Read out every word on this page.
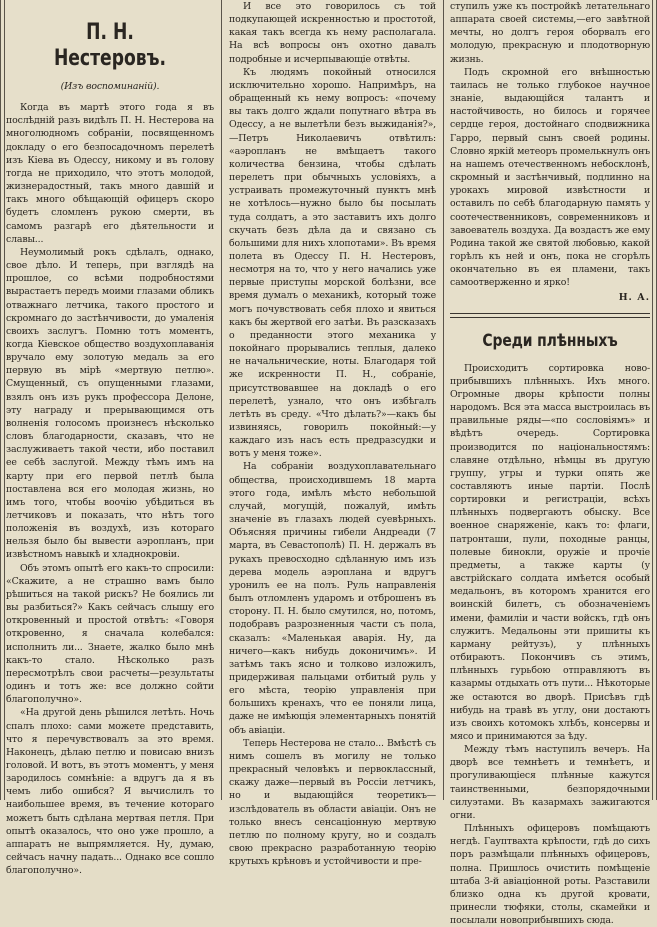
П. Н. Нестеровъ.
(Изъ воспоминаній).

Когда въ мартѣ этого года я въ послѣдній разъ видѣлъ П. Н. Нестерова на многолюдномъ собраніи, посвященномъ докладу о его безпосадочномъ перелетѣ изъ Кіева въ Одессу, никому и въ голову тогда не приходило, что этотъ молодой, жизнерадостный, такъ много давшій и такъ много обѣщающій офицеръ скоро будетъ сломленъ рукою смерти, въ самомъ разгарѣ его дѣятельности и славы...

Неумолимый рокъ сдѣлалъ, однако, свое дѣло. И теперь, при взглядѣ на прошлое, со всѣми подробностями вырастаетъ передъ моими глазами обликъ отважнаго летчика, такого простого и скромнаго до застѣнчивости, до умаленія своихъ заслугъ. Помню тотъ моментъ, когда Кіевское общество воздухоплаванія вручало ему золотую медаль за его первую въ мірѣ «мертвую петлю». Смущенный, съ опущенными глазами, взялъ онъ изъ рукъ профессора Делоне, эту награду и прерывающимся отъ волненія голосомъ произнесъ нѣсколько словъ благодарности, сказавъ, что не заслуживаетъ такой чести, ибо поставил ее себѣ заслугой. Между тѣмъ имъ на карту при его первой петлѣ была поставлена вся его молодая жизнь, но имъ того, чтобы воочію убѣдиться въ летчиковъ и показать, что нѣтъ того положенія въ воздухѣ, изъ котораго нельзя было бы вывести аэропланъ, при извѣстномъ навыкѣ и хладнокровіи.

Объ этомъ опытѣ его какъ-то спросили: «Скажите, а не страшно вамъ было рѣшиться на такой рискъ? Не боялись ли вы разбиться?» Какъ сейчасъ слышу его откровенный и простой отвѣтъ: «Говоря откровенно, я сначала колебался: исполнить ли... Знаете, жалко было мнѣ какъ-то стало. Нѣсколько разъ пересмотрѣлъ свои расчеты—результаты одинъ и тотъ же: все должно сойти благополучно».

«На другой день рѣшился летѣть. Ночь спалъ плохо: сами можете представить, что я перечувствовалъ за это время. Наконецъ, дѣлаю петлю и повисаю внизъ головой. И вотъ, въ этотъ моментъ, у меня зародилось сомнѣніе: а вдругъ да я въ чемъ либо ошибся? Я вычислилъ то наибольшее время, въ течение котораго можетъ быть сдѣлана мертвая петля. При опытѣ оказалось, что оно уже прошло, а аппаратъ не выпрямляется. Ну, думаю, сейчасъ начну падать... Однако все сошло благополучно».

И все это говорилось съ той подкупающей искренностью и простотой, какая такъ всегда къ нему располагала. На всѣ вопросы онъ охотно давалъ подробные и исчерпывающіе отвѣты.

Къ людямъ покойный относился исключительно хорошо. Напримѣръ, на обращенный къ нему вопросъ: «почему вы такъ долго ждали попутнаго вѣтра въ Одессу, а не вылетѣли безъ выжиданія?»,—Петръ Николаевичъ отвѣтилъ: «аэропланъ не вмѣщаетъ такого количества бензина, чтобы сдѣлать перелетъ при обычныхъ условіяхъ, а устраивать промежуточный пунктъ мнѣ не хотѣлось—нужно было бы посылать туда солдатъ, а это заставитъ ихъ долго скучать безъ дѣла да и связано съ большими для нихъ хлопотами». Въ время полета въ Одессу П. Н. Нестеровъ, несмотря на то, что у него начались уже первые приступы морской болѣзни, все время думалъ о механикѣ, который тоже могъ почувствовать себя плохо и явиться какъ бы жертвой его затѣи. Въ разсказахъ о преданности этого механика у покойнаго прорывались теплыя, далеко не начальнические, ноты. Благодаря той же искренности П. Н., собраніе, присутствовавшее на докладѣ о его перелетѣ, узнало, что онъ избѣгалъ летѣть въ среду. «Что дѣлать?»—какъ бы извиняясь, говорилъ покойный:—у каждаго изъ насъ есть предразсудки и вотъ у меня тоже».

На собраніи воздухоплавательнаго общества, происходившемъ 18 марта этого года, имѣлъ мѣсто небольшой случай, могущій, пожалуй, имѣть значеніе въ глазахъ людей суевѣрныхъ. Объясняя причины гибели Андреади (7 марта, въ Севастополѣ) П. Н. держалъ въ рукахъ превосходно сдѣланную имъ изъ дерева модель аэроплана и вдругъ уронилъ ее на полъ. Руль направленія былъ отломленъ ударомъ и отброшенъ въ сторону. П. Н. было смутился, но, потомъ, подобравъ разрозненныя части съ пола, сказалъ: «Маленькая аварія. Ну, да ничего—какъ нибудь доконичимъ». И затѣмъ такъ ясно и толково изложилъ, придерживая пальцами отбитый руль у его мѣста, теорію управленія при большихъ кренахъ, что ее поняли лица, даже не имѣющія элементарныхъ понятій объ авіаціи.

Теперь Нестерова не стало... Вмѣстѣ съ нимъ сошелъ въ могилу не только прекрасный человѣкъ и первоклассный, скажу даже—первый въ Россіи летчикъ, но и выдающійся теоретикъ—изслѣдователь въ области авіаціи. Онъ не только внесъ сенсаціонную мертвую петлю по полному кругу, но и создалъ свою прекрасно разработанную теорію крутыхъ крѣновъ и устойчивости и пре-

ступилъ уже къ постройкѣ летательнаго аппарата своей системы,—его завѣтной мечты, но долгъ героя оборвалъ его молодую, прекрасную и плодотворную жизнь.

Подъ скромной его внѣшностью таилась не только глубокое научное знаніе, выдающійся талантъ и настойчивость, но билось и горячее сердце героя, достойнаго сподвижника Гарро, первый сынъ своей родины. Словно яркій метеоръ промелькнулъ онъ на нашемъ отечественномъ небосклонѣ, скромный и застѣнчивый, подлинно на урокахъ мировой извѣстности и оставилъ по себѣ благодарную память у соотечественниковъ, современниковъ и завоеватель воздуха. Да воздастъ же ему Родина такой же святой любовью, какой горѣлъ къ ней и онъ, пока не сгорѣлъ окончательно въ ея пламени, такъ самоотверженно и ярко!

Н. А.
Среди плѣнныхъ

Происходитъ сортировка ново-прибывшихъ плѣнныхъ. Ихъ много. Огромные дворы крѣпости полны народомъ. Вся эта масса выстроилась въ правильные ряды—«по сословіямъ» и вѣдѣтъ очередь. Сортировка производится по національностямъ: славяне отдѣльно, нѣмцы въ другую группу, угры и турки опять же составляютъ иные партіи. Послѣ сортировки и регистраціи, всѣхъ плѣнныхъ подвергаютъ обыску. Все военное снаряженіе, какъ то: флаги, патронташи, пули, походные ранцы, полевые бинокли, оружіе и прочіе предметы, а также карты (у австрійскаго солдата имѣется особый медальонъ, въ которомъ хранится его воинскій билетъ, съ обозначеніемъ имени, фамиліи и части войскъ, гдѣ онъ служитъ. Медальоны эти пришиты къ карману рейтузъ), у плѣнныхъ отбираютъ. Покончивъ съ этимъ, плѣнныхъ гурьбою отправляютъ въ казармы отдыхать отъ пути... Нѣкоторые же остаются во дворѣ. Присѣвъ гдѣ нибудь на травѣ въ углу, они достаютъ изъ своихъ котомокъ хлѣбъ, консервы и мясо и принимаются за ѣду.

Между тѣмъ наступилъ вечеръ. На дворѣ все темнѣетъ и темнѣетъ, и прогуливающіеся плѣнные кажутся таинственными, безпорядочными силуэтами. Въ казармахъ зажигаются огни.

Плѣнныхъ офицеровъ помѣщаютъ негдѣ. Гауптвахта крѣпости, гдѣ до сихъ поръ размѣщали плѣнныхъ офицеровъ, полна. Пришлось очистить помѣщеніе штаба 3-й авіаціонной роты. Разставили близко одна къ другой кровати, принесли тюфяки, столы, скамейки и посылали новоприбывшихъ сюда.
